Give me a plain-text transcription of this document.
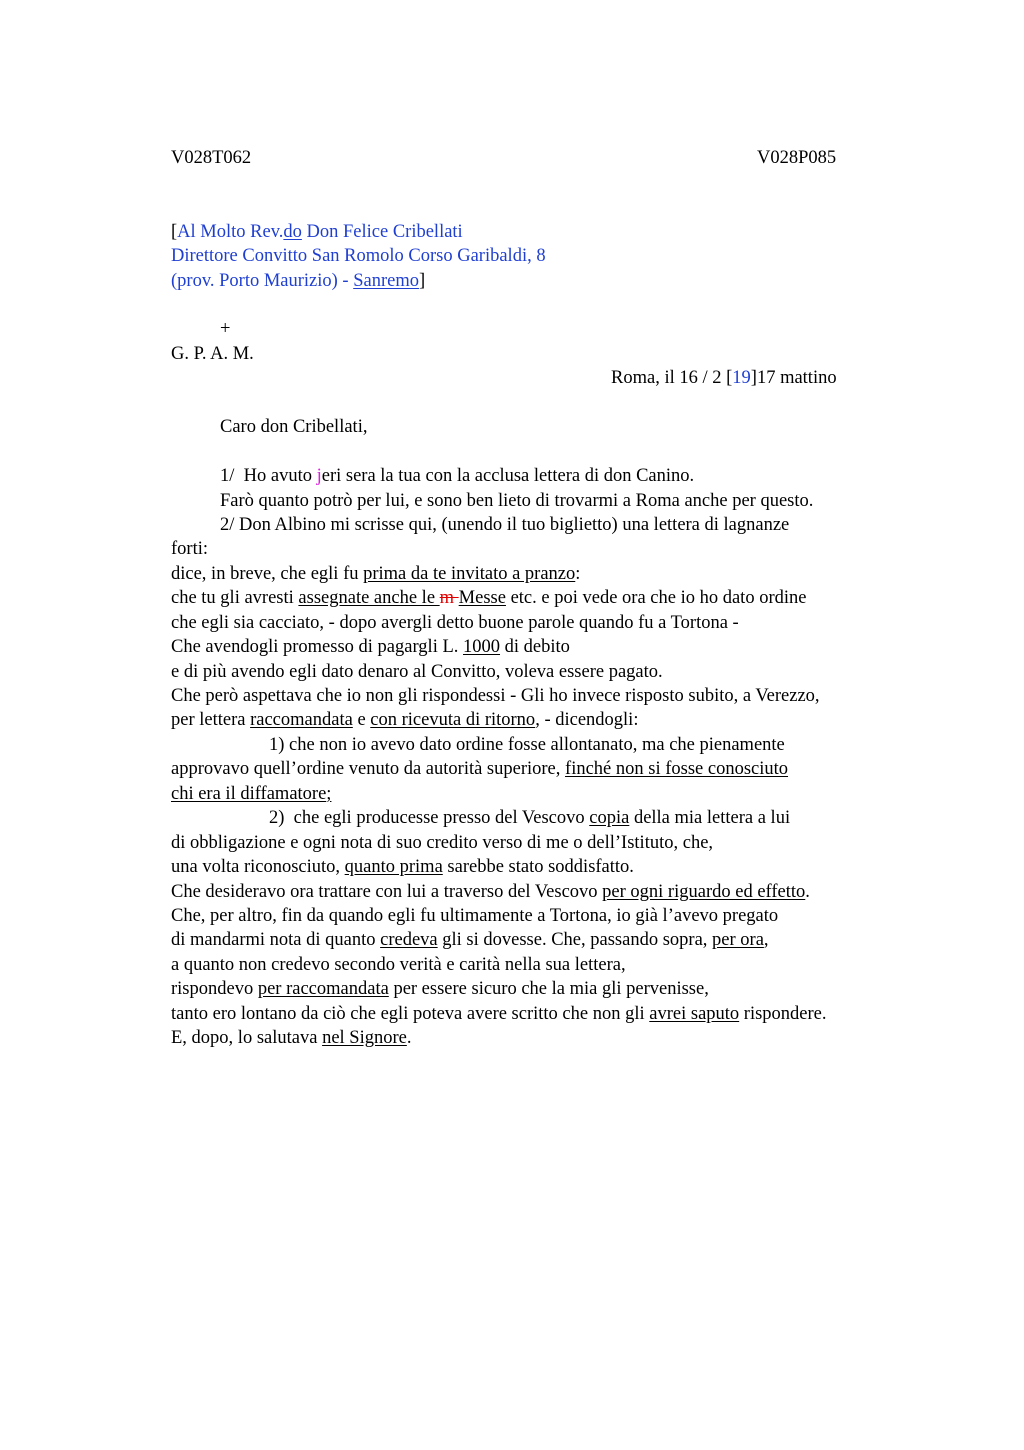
V028T062	V028P085
[Al Molto Rev.do Don Felice Cribellati
Direttore Convitto San Romolo Corso Garibaldi, 8
(prov. Porto Maurizio) - Sanremo]
+
G. P. A. M.
Roma, il 16 / 2 [19]17 mattino
Caro don Cribellati,
1/  Ho avuto jeri sera la tua con la acclusa lettera di don Canino.
Farò quanto potrò per lui, e sono ben lieto di trovarmi a Roma anche per questo.
2/ Don Albino mi scrisse qui, (unendo il tuo biglietto) una lettera di lagnanze
forti:
dice, in breve, che egli fu prima da te invitato a pranzo:
che tu gli avresti assegnate anche le m Messe etc. e poi vede ora che io ho dato ordine
che egli sia cacciato, - dopo avergli detto buone parole quando fu a Tortona -
Che avendogli promesso di pagargli L. 1000 di debito
e di più avendo egli dato denaro al Convitto, voleva essere pagato.
Che però aspettava che io non gli rispondessi - Gli ho invece risposto subito, a Verezzo,
per lettera raccomandata e con ricevuta di ritorno, - dicendogli:
1) che non io avevo dato ordine fosse allontanato, ma che pienamente
approvavo quell’ordine venuto da autorità superiore, finché non si fosse conosciuto
chi era il diffamatore;
2)  che egli producesse presso del Vescovo copia della mia lettera a lui
di obbligazione e ogni nota di suo credito verso di me o dell’Istituto, che,
una volta riconosciuto, quanto prima sarebbe stato soddisfatto.
Che desideravo ora trattare con lui a traverso del Vescovo per ogni riguardo ed effetto.
Che, per altro, fin da quando egli fu ultimamente a Tortona, io già l’avevo pregato
di mandarmi nota di quanto credeva gli si dovesse. Che, passando sopra, per ora,
a quanto non credevo secondo verità e carità nella sua lettera,
rispondevo per raccomandata per essere sicuro che la mia gli pervenisse,
tanto ero lontano da ciò che egli poteva avere scritto che non gli avrei saputo rispondere.
E, dopo, lo salutava nel Signore.
